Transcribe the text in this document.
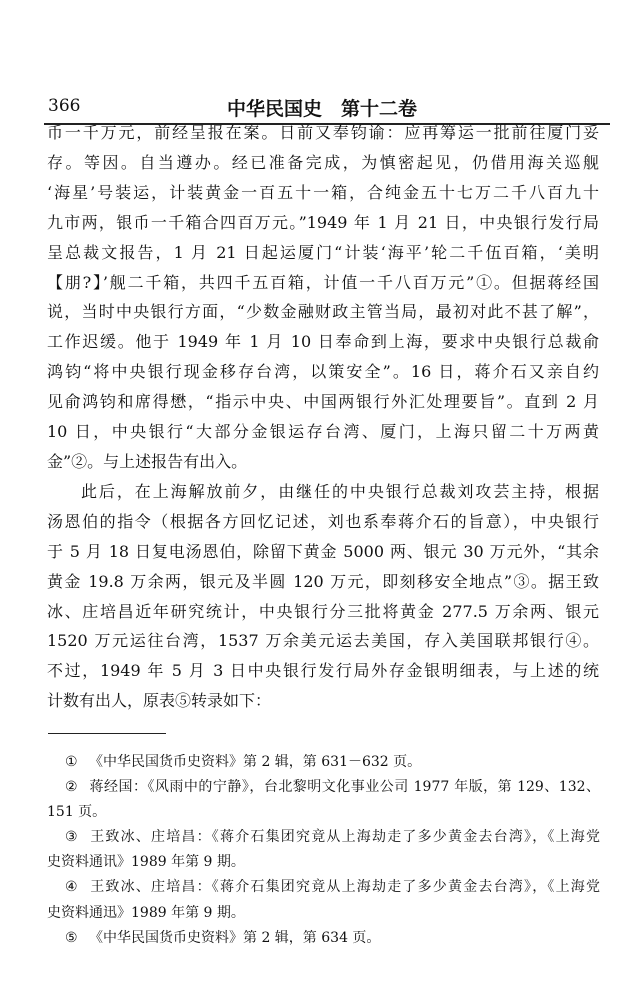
366	中华民国史　第十二卷
币一千万元，前经呈报在案。日前又奉钧谕：应再筹运一批前往厦门妥
存。等因。自当遵办。经已准备完成，为慎密起见，仍借用海关巡舰
‘海星’号装运，计装黄金一百五十一箱，合纯金五十七万二千八百九十
九市两，银币一千箱合四百万元。”1949 年 1 月 21 日，中央银行发行局
呈总裁文报告，1 月 21 日起运厦门“计装‘海平’轮二千伍百箱，‘美明
【朋?】’舰二千箱，共四千五百箱，计值一千八百万元”①。但据蒋经国
说，当时中央银行方面，“少数金融财政主管当局，最初对此不甚了解”，
工作迟缓。他于 1949 年 1 月 10 日奉命到上海，要求中央银行总裁俞
鸿钧“将中央银行现金移存台湾，以策安全”。16 日，蒋介石又亲自约
见俞鸿钧和席得懋，“指示中央、中国两银行外汇处理要旨”。直到 2 月
10 日，中央银行“大部分金银运存台湾、厦门，上海只留二十万两黄
金”②。与上述报告有出入。
此后，在上海解放前夕，由继任的中央银行总裁刘攻芸主持，根据
汤恩伯的指令（根据各方回忆记述，刘也系奉蒋介石的旨意），中央银行
于 5 月 18 日复电汤恩伯，除留下黄金 5000 两、银元 30 万元外，“其余
黄金 19.8 万余两，银元及半圆 120 万元，即刻移安全地点”③。据王致
冰、庄培昌近年研究统计，中央银行分三批将黄金 277.5 万余两、银元
1520 万元运往台湾，1537 万余美元运去美国，存入美国联邦银行④。
不过，1949 年 5 月 3 日中央银行发行局外存金银明细表，与上述的统
计数有出人，原表⑤转录如下：
① 《中华民国货币史资料》第 2 辑，第 631－632 页。
② 蒋经国：《风雨中的宁静》，台北黎明文化事业公司 1977 年版，第 129、132、
151 页。
③ 王致冰、庄培昌：《蒋介石集团究竟从上海劫走了多少黄金去台湾》，《上海党
史资料通讯》1989 年第 9 期。
④ 王致冰、庄培昌：《蒋介石集团究竟从上海劫走了多少黄金去台湾》，《上海党
史资料通迅》1989 年第 9 期。
⑤ 《中华民国货币史资料》第 2 辑，第 634 页。
